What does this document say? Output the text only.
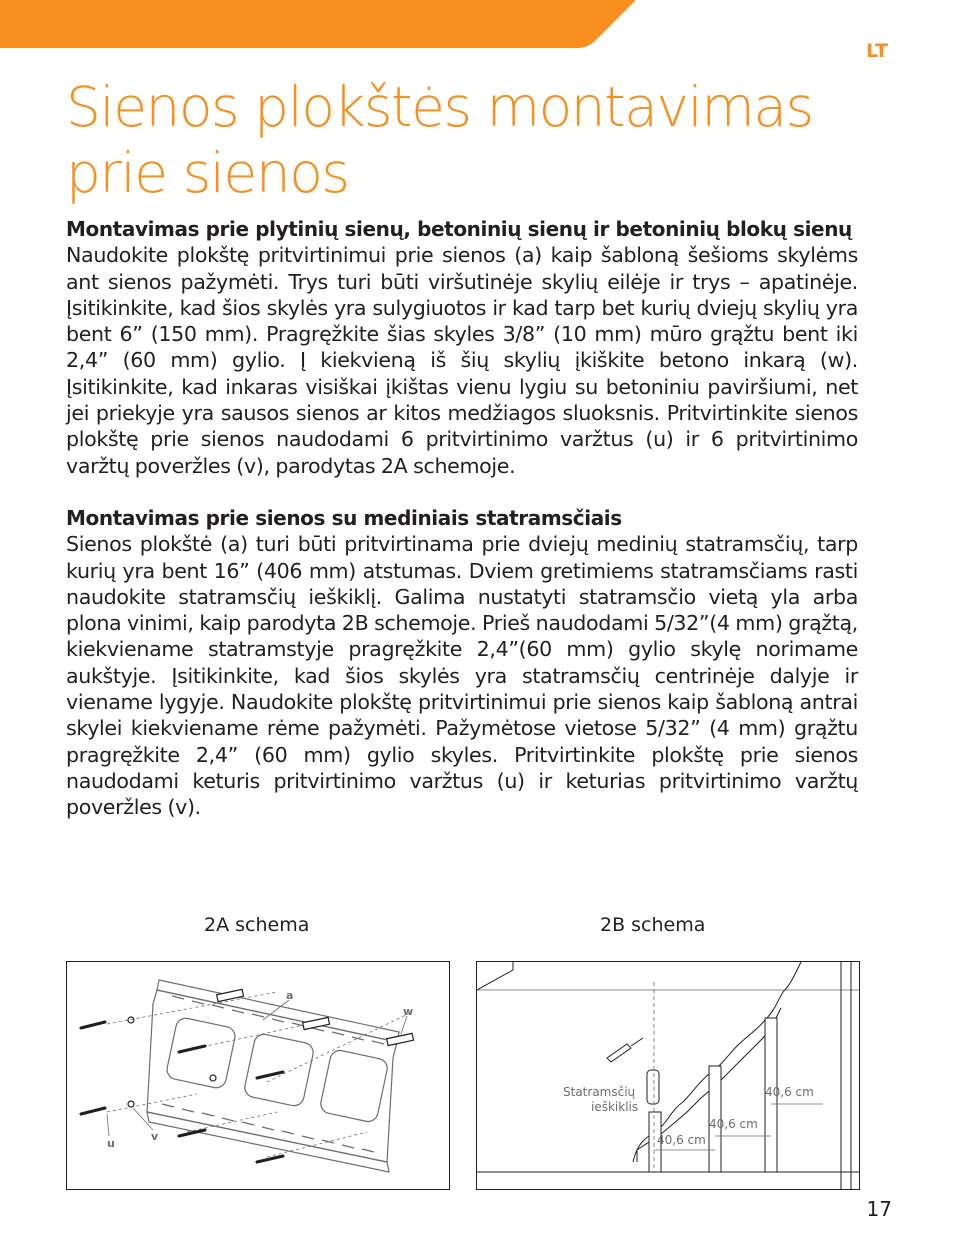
LT

Sienos plokštės montavimas
prie sienos

Montavimas prie plytinių sienų, betoninių sienų ir betoninių blokų sienų

Naudokite plokštę pritvirtinimui prie sienos (a) kaip šabloną šešioms skylėms ant sienos pažymėti. Trys turi būti viršutinėje skylių eilėje ir trys – apatinėje. Įsitikinkite, kad šios skylės yra sulygiuotos ir kad tarp bet kurių dviejų skylių yra bent 6” (150 mm). Pragręžkite šias skyles 3/8” (10 mm) mūro grąžtu bent iki 2,4” (60 mm) gylio. Į kiekvieną iš šių skylių įkiškite betono inkarą (w). Įsitikinkite, kad inkaras visiškai įkištas vienu lygiu su betoniniu paviršiumi, net jei priekyje yra sausos sienos ar kitos medžiagos sluoksnis. Pritvirtinkite sienos plokštę prie sienos naudodami 6 pritvirtinimo varžtus (u) ir 6 pritvirtinimo varžtų poveržles (v), parodytas 2A schemoje.

Montavimas prie sienos su mediniais statramsčiais

Sienos plokštė (a) turi būti pritvirtinama prie dviejų medinių statramsčių, tarp kurių yra bent 16” (406 mm) atstumas. Dviem gretimiems statramsčiams rasti naudokite statramsčių ieškiklį. Galima nustatyti statramsčio vietą yla arba plona vinimi, kaip parodyta 2B schemoje. Prieš naudodami 5/32”(4 mm) grąžtą, kiekviename statramstyje pragręžkite 2,4”(60 mm) gylio skylę norimame aukštyje. Įsitikinkite, kad šios skylės yra statramsčių centrinėje dalyje ir viename lygyje. Naudokite plokštę pritvirtinimui prie sienos kaip šabloną antrai skylei kiekviename rėme pažymėti. Pažymėtose vietose 5/32” (4 mm) grąžtu pragręžkite 2,4” (60 mm) gylio skyles. Pritvirtinkite plokštę prie sienos naudodami keturis pritvirtinimo varžtus (u) ir keturias pritvirtinimo varžtų poveržles (v).

2A schema	2B schema

a
w
u
v
Statramsčių
ieškiklis
40,6 cm
40,6 cm
40,6 cm

17
